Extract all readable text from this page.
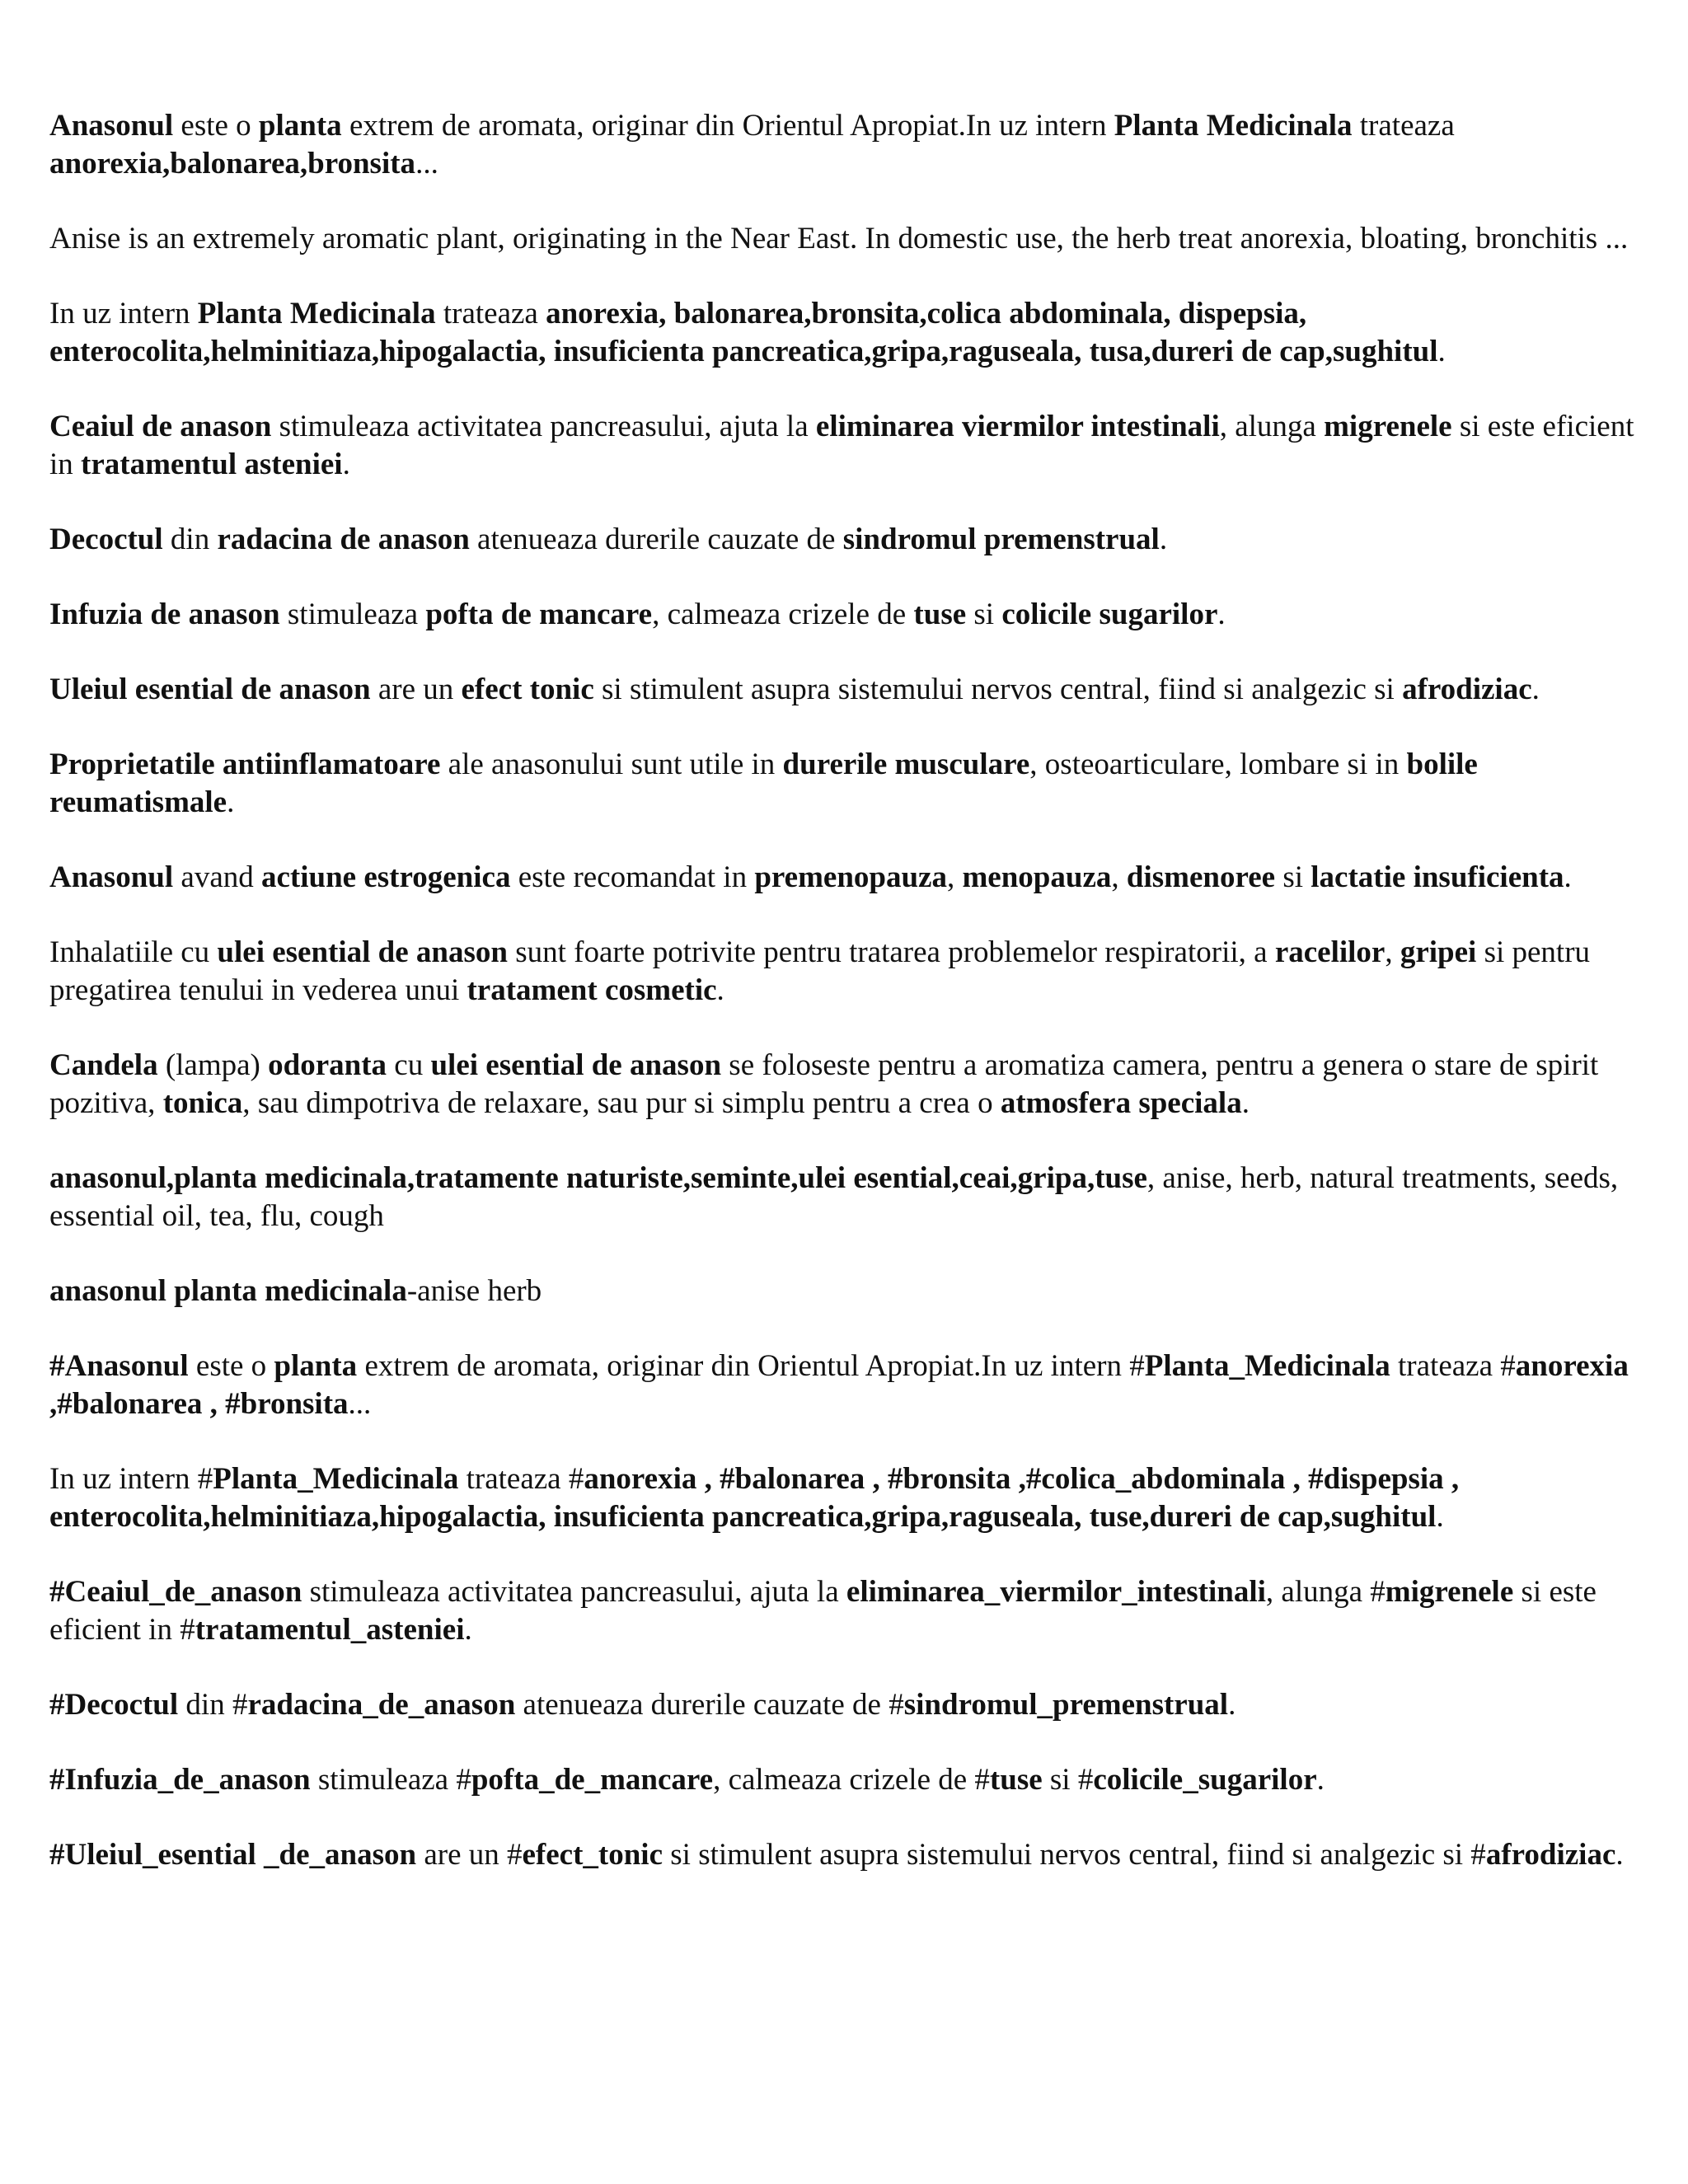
Anasonul este o planta extrem de aromata, originar din Orientul Apropiat.In uz intern Planta Medicinala trateaza anorexia,balonarea,bronsita...

Anise is an extremely aromatic plant, originating in the Near East. In domestic use, the herb treat anorexia, bloating, bronchitis ...

In uz intern Planta Medicinala trateaza anorexia, balonarea,bronsita,colica abdominala, dispepsia, enterocolita,helminitiaza,hipogalactia, insuficienta pancreatica,gripa,raguseala, tusa,dureri de cap,sughitul.

Ceaiul de anason stimuleaza activitatea pancreasului, ajuta la eliminarea viermilor intestinali, alunga migrenele si este eficient in tratamentul asteniei.

Decoctul din radacina de anason atenueaza durerile cauzate de sindromul premenstrual.

Infuzia de anason stimuleaza pofta de mancare, calmeaza crizele de tuse si colicile sugarilor.

Uleiul esential de anason are un efect tonic si stimulent asupra sistemului nervos central, fiind si analgezic si afrodiziac.

Proprietatile antiinflamatoare ale anasonului sunt utile in durerile musculare, osteoarticulare, lombare si in bolile reumatismale.

Anasonul avand actiune estrogenica este recomandat in premenopauza, menopauza, dismenoree si lactatie insuficienta.

Inhalatiile cu ulei esential de anason sunt foarte potrivite pentru tratarea problemelor respiratorii, a racelilor, gripei si pentru pregatirea tenului in vederea unui tratament cosmetic.

Candela (lampa) odoranta cu ulei esential de anason se foloseste pentru a aromatiza camera, pentru a genera o stare de spirit pozitiva, tonica, sau dimpotriva de relaxare, sau pur si simplu pentru a crea o atmosfera speciala.

anasonul,planta medicinala,tratamente naturiste,seminte,ulei esential,ceai,gripa,tuse, anise, herb, natural treatments, seeds, essential oil, tea, flu, cough

anasonul planta medicinala-anise herb

#Anasonul este o planta extrem de aromata, originar din Orientul Apropiat.In uz intern #Planta_Medicinala trateaza #anorexia ,#balonarea , #bronsita...

In uz intern #Planta_Medicinala trateaza #anorexia , #balonarea , #bronsita ,#colica_abdominala , #dispepsia , enterocolita,helminitiaza,hipogalactia, insuficienta pancreatica,gripa,raguseala, tuse,dureri de cap,sughitul.

#Ceaiul_de_anason stimuleaza activitatea pancreasului, ajuta la eliminarea_viermilor_intestinali, alunga #migrenele si este eficient in #tratamentul_asteniei.

#Decoctul din #radacina_de_anason atenueaza durerile cauzate de #sindromul_premenstrual.

#Infuzia_de_anason stimuleaza #pofta_de_mancare, calmeaza crizele de #tuse si #colicile_sugarilor.

#Uleiul_esential _de_anason are un #efect_tonic si stimulent asupra sistemului nervos central, fiind si analgezic si #afrodiziac.
